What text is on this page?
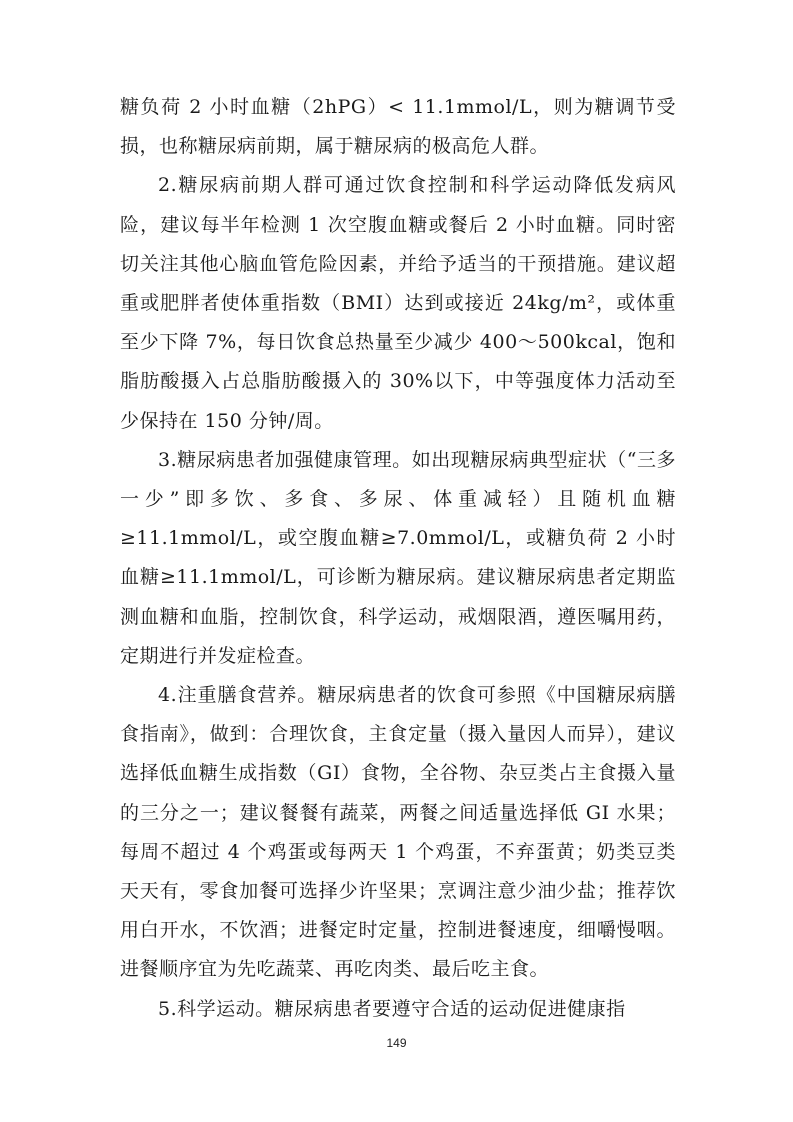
糖负荷 2 小时血糖（2hPG）< 11.1mmol/L，则为糖调节受损，也称糖尿病前期，属于糖尿病的极高危人群。

2.糖尿病前期人群可通过饮食控制和科学运动降低发病风险，建议每半年检测 1 次空腹血糖或餐后 2 小时血糖。同时密切关注其他心脑血管危险因素，并给予适当的干预措施。建议超重或肥胖者使体重指数（BMI）达到或接近 24kg/m²，或体重至少下降 7%，每日饮食总热量至少减少 400～500kcal，饱和脂肪酸摄入占总脂肪酸摄入的 30%以下，中等强度体力活动至少保持在 150 分钟/周。

3.糖尿病患者加强健康管理。如出现糖尿病典型症状（“三多一少”即多饮、多食、多尿、体重减轻）且随机血糖≥11.1mmol/L，或空腹血糖≥7.0mmol/L，或糖负荷 2 小时血糖≥11.1mmol/L，可诊断为糖尿病。建议糖尿病患者定期监测血糖和血脂，控制饮食，科学运动，戒烟限酒，遵医嘱用药，定期进行并发症检查。

4.注重膳食营养。糖尿病患者的饮食可参照《中国糖尿病膳食指南》，做到：合理饮食，主食定量（摄入量因人而异），建议选择低血糖生成指数（GI）食物，全谷物、杂豆类占主食摄入量的三分之一；建议餐餐有蔬菜，两餐之间适量选择低 GI 水果；每周不超过 4 个鸡蛋或每两天 1 个鸡蛋，不弃蛋黄；奶类豆类天天有，零食加餐可选择少许坚果；烹调注意少油少盐；推荐饮用白开水，不饮酒；进餐定时定量，控制进餐速度，细嚼慢咽。进餐顺序宜为先吃蔬菜、再吃肉类、最后吃主食。

5.科学运动。糖尿病患者要遵守合适的运动促进健康指

149
